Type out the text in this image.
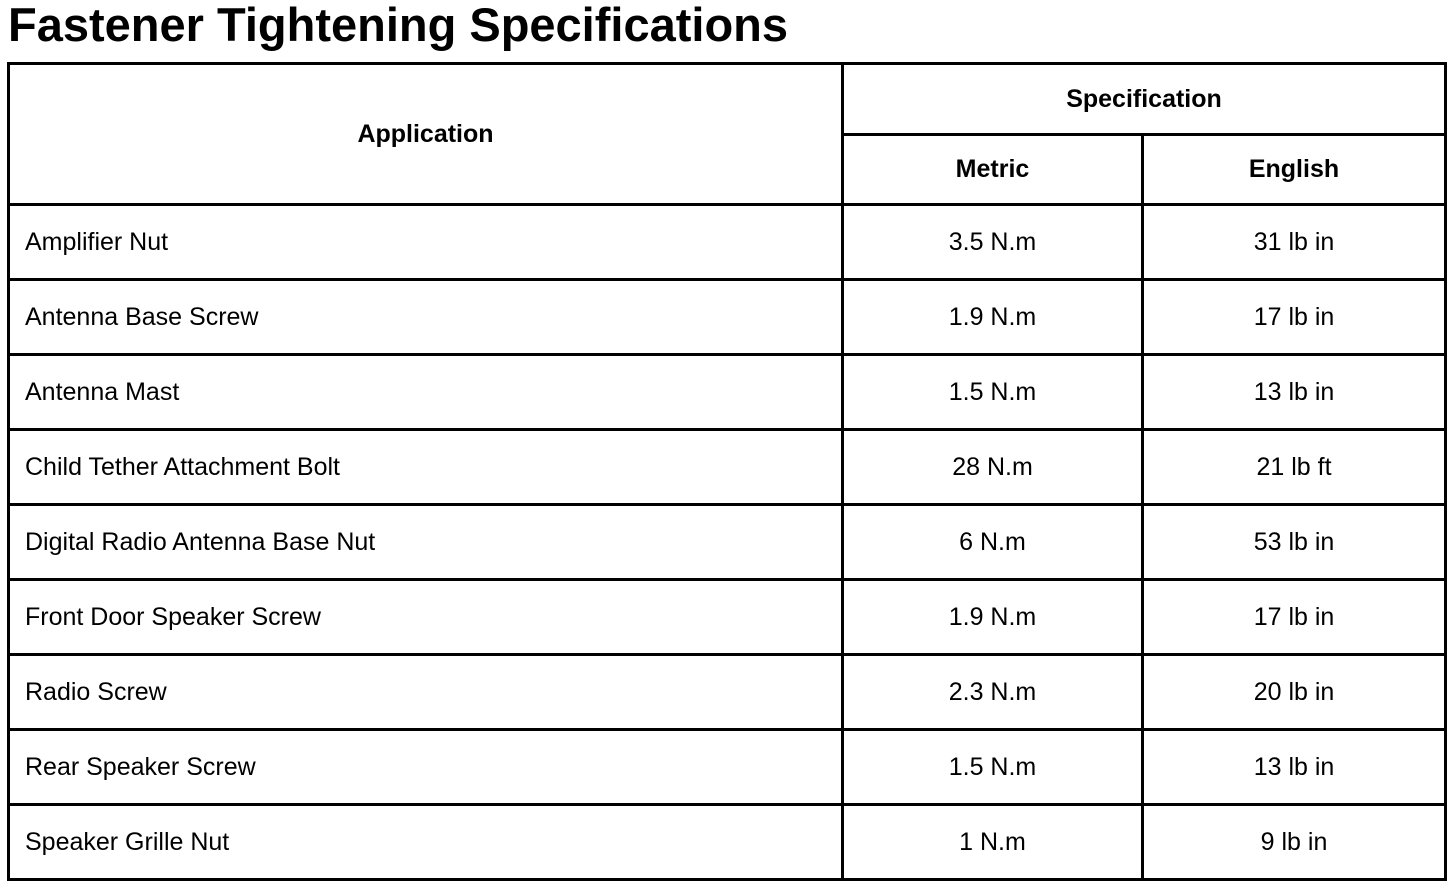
Fastener Tightening Specifications
Application	Specification	
	Metric	English
Amplifier Nut	3.5 N.m	31 lb in
Antenna Base Screw	1.9 N.m	17 lb in
Antenna Mast	1.5 N.m	13 lb in
Child Tether Attachment Bolt	28 N.m	21 lb ft
Digital Radio Antenna Base Nut	6 N.m	53 lb in
Front Door Speaker Screw	1.9 N.m	17 lb in
Radio Screw	2.3 N.m	20 lb in
Rear Speaker Screw	1.5 N.m	13 lb in
Speaker Grille Nut	1 N.m	9 lb in
